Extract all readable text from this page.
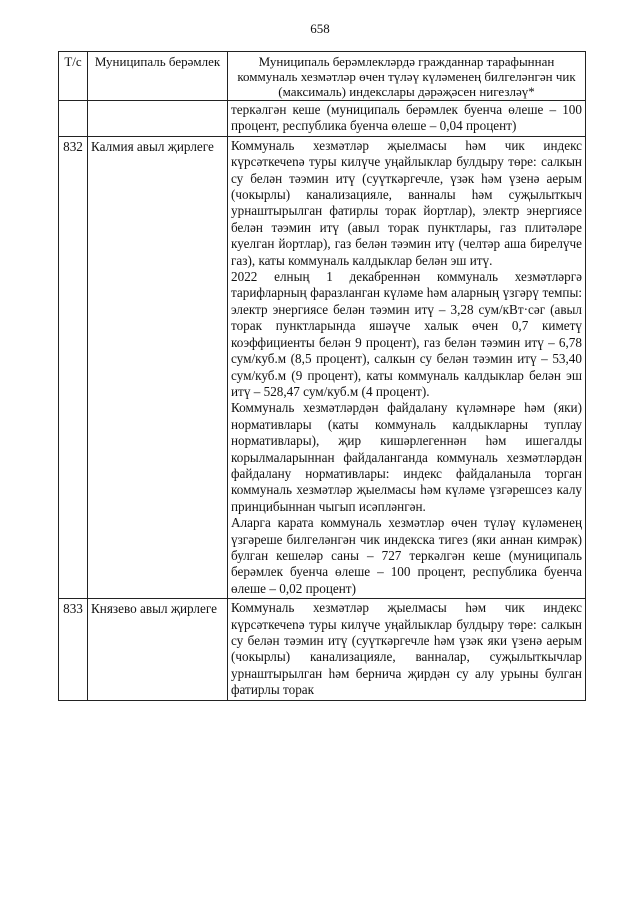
658
Т/с	Муниципаль берәмлек	Муниципаль берәмлекләрдә гражданнар тарафыннан коммуналь хезмәтләр өчен түләү күләменең билгеләнгән чик (максималь) индекслары дәрәҗәсен нигезләү*

		теркәлгән кеше (муниципаль берәмлек буенча өлеше – 100 процент, республика буенча өлеше – 0,04 процент)

832	Калмия авыл җирлеге	Коммуналь хезмәтләр җыелмасы һәм чик индекс күрсәткечenә туры килүче уңайлыклар булдыру төре: салкын су белән тәэмин итү (суүткәргечле, үзәк һәм үзенә аерым (чокырлы) канализацияле, ванналы һәм суҗылыткыч урнаштырылган фатирлы торак йортлар), электр энергиясе белән тәэмин итү (авыл торак пунктлары, газ плитәләре куелган йортлар), газ белән тәэмин итү (челтәр аша бирелүче газ), каты коммуналь калдыклар белән эш итү.

2022 елның 1 декабреннән коммуналь хезмәтләргә тарифларның фаразланган күләме һәм аларның үзгәрү темпы: электр энергиясе белән тәэмин итү – 3,28 сум/кВт·сәг (авыл торак пунктларында яшәүче халык өчен 0,7 киметү коэффициенты белән 9 процент), газ белән тәэмин итү – 6,78 сум/куб.м (8,5 процент), салкын су белән тәэмин итү – 53,40 сум/куб.м (9 процент), каты коммуналь калдыклар белән эш итү – 528,47 сум/куб.м (4 процент).

Коммуналь хезмәтләрдән файдалану күләмнәре һәм (яки) нормативлары (каты коммуналь калдыкларны туплау нормативлары), җир кишәрлегеннән һәм ишегалды корылмаларыннан файдаланганда коммуналь хезмәтләрдән файдалану нормативлары: индекс файдаланыла торган коммуналь хезмәтләр җыелмасы һәм күләме үзгәрешсез калу принцибыннан чыгып исәпләнгән.

Аларга карата коммуналь хезмәтләр өчен түләү күләменең үзгәреше билгеләнгән чик индекска тигез (яки аннан кимрәк) булган кешеләр саны – 727 теркәлгән кеше (муниципаль берәмлек буенча өлеше – 100 процент, республика буенча өлеше – 0,02 процент)

833	Князево авыл җирлеге	Коммуналь хезмәтләр җыелмасы һәм чик индекс күрсәткечenә туры килүче уңайлыклар булдыру төре: салкын су белән тәэмин итү (суүткәргечле һәм үзәк яки үзенә аерым (чокырлы) канализацияле, ванналар, суҗылыткычлар урнаштырылган һәм бернича җирдән су алу урыны булган фатирлы торак
